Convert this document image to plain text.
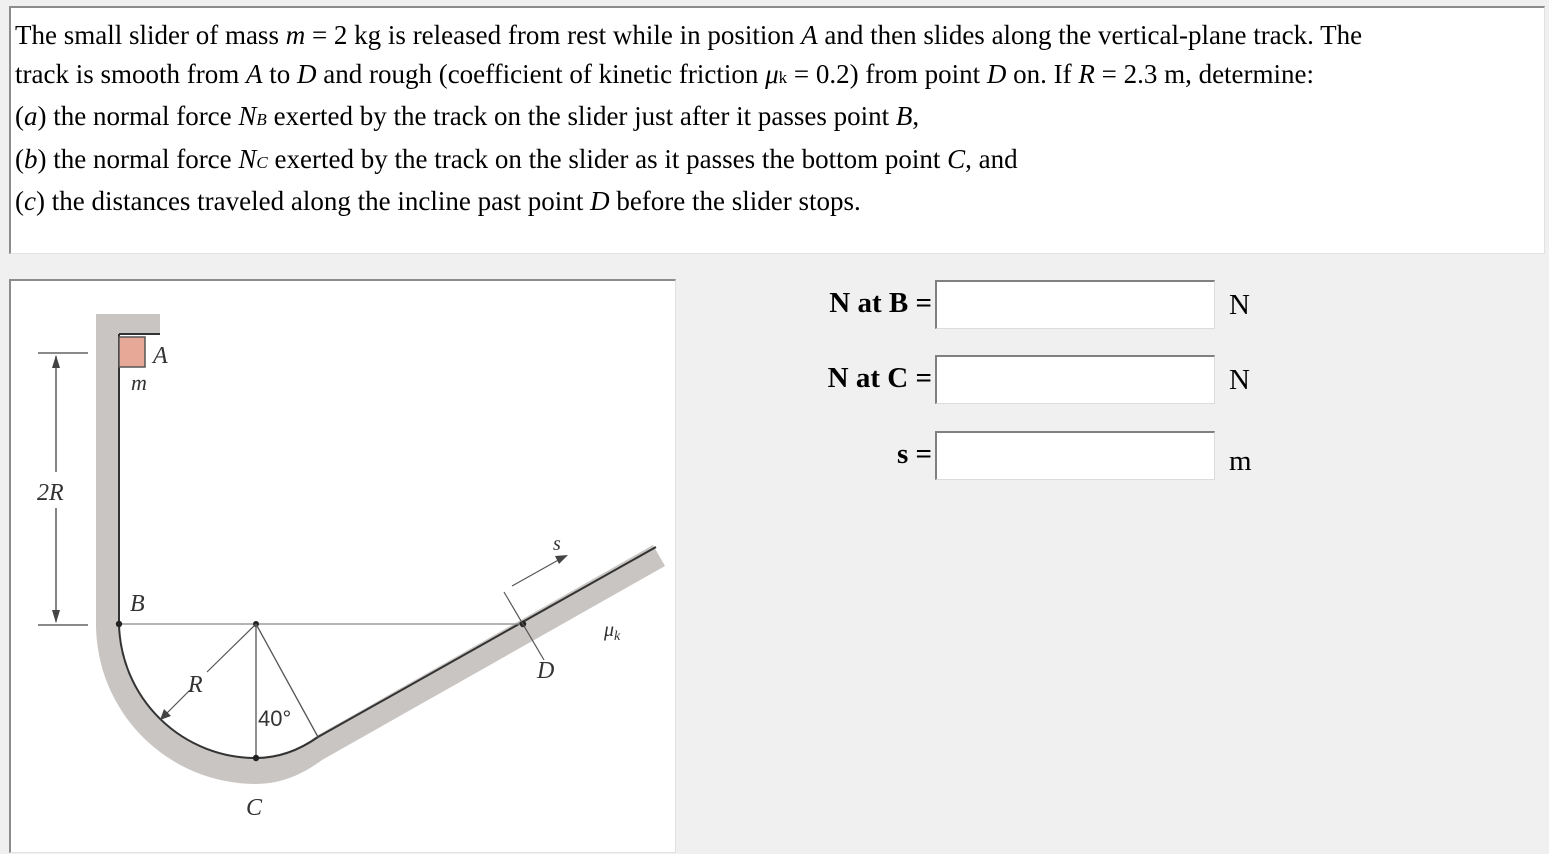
The small slider of mass m = 2 kg is released from rest while in position A and then slides along the vertical-plane track. The
track is smooth from A to D and rough (coefficient of kinetic friction μk = 0.2) from point D on. If R = 2.3 m, determine:
(a) the normal force NB exerted by the track on the slider just after it passes point B,
(b) the normal force NC exerted by the track on the slider as it passes the bottom point C, and
(c) the distances traveled along the incline past point D before the slider stops.
A
m
2R
B
R
40°
C
s
D
$\mu_k$
N at B =	N
N at C =	N
s =	m
